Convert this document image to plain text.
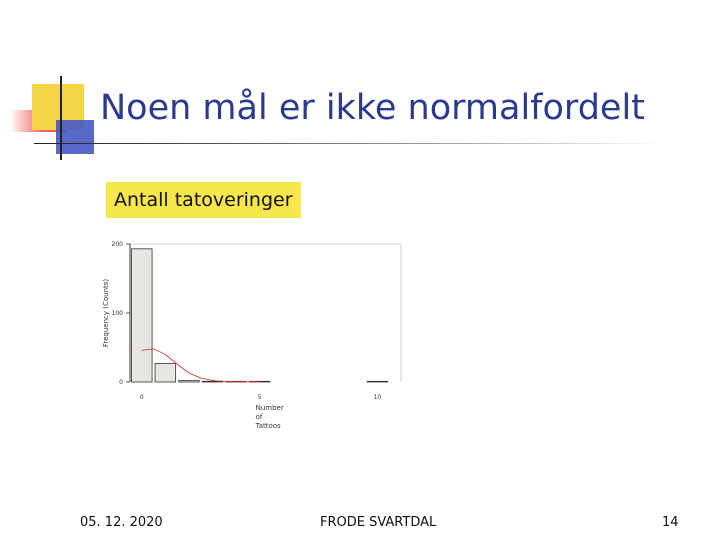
Noen mål er ikke normalfordelt
Antall tatoveringer
0
100
200
Frequency (Counts)
0	5	10
Number
of
Tattoos
05. 12. 2020	FRODE SVARTDAL	14
